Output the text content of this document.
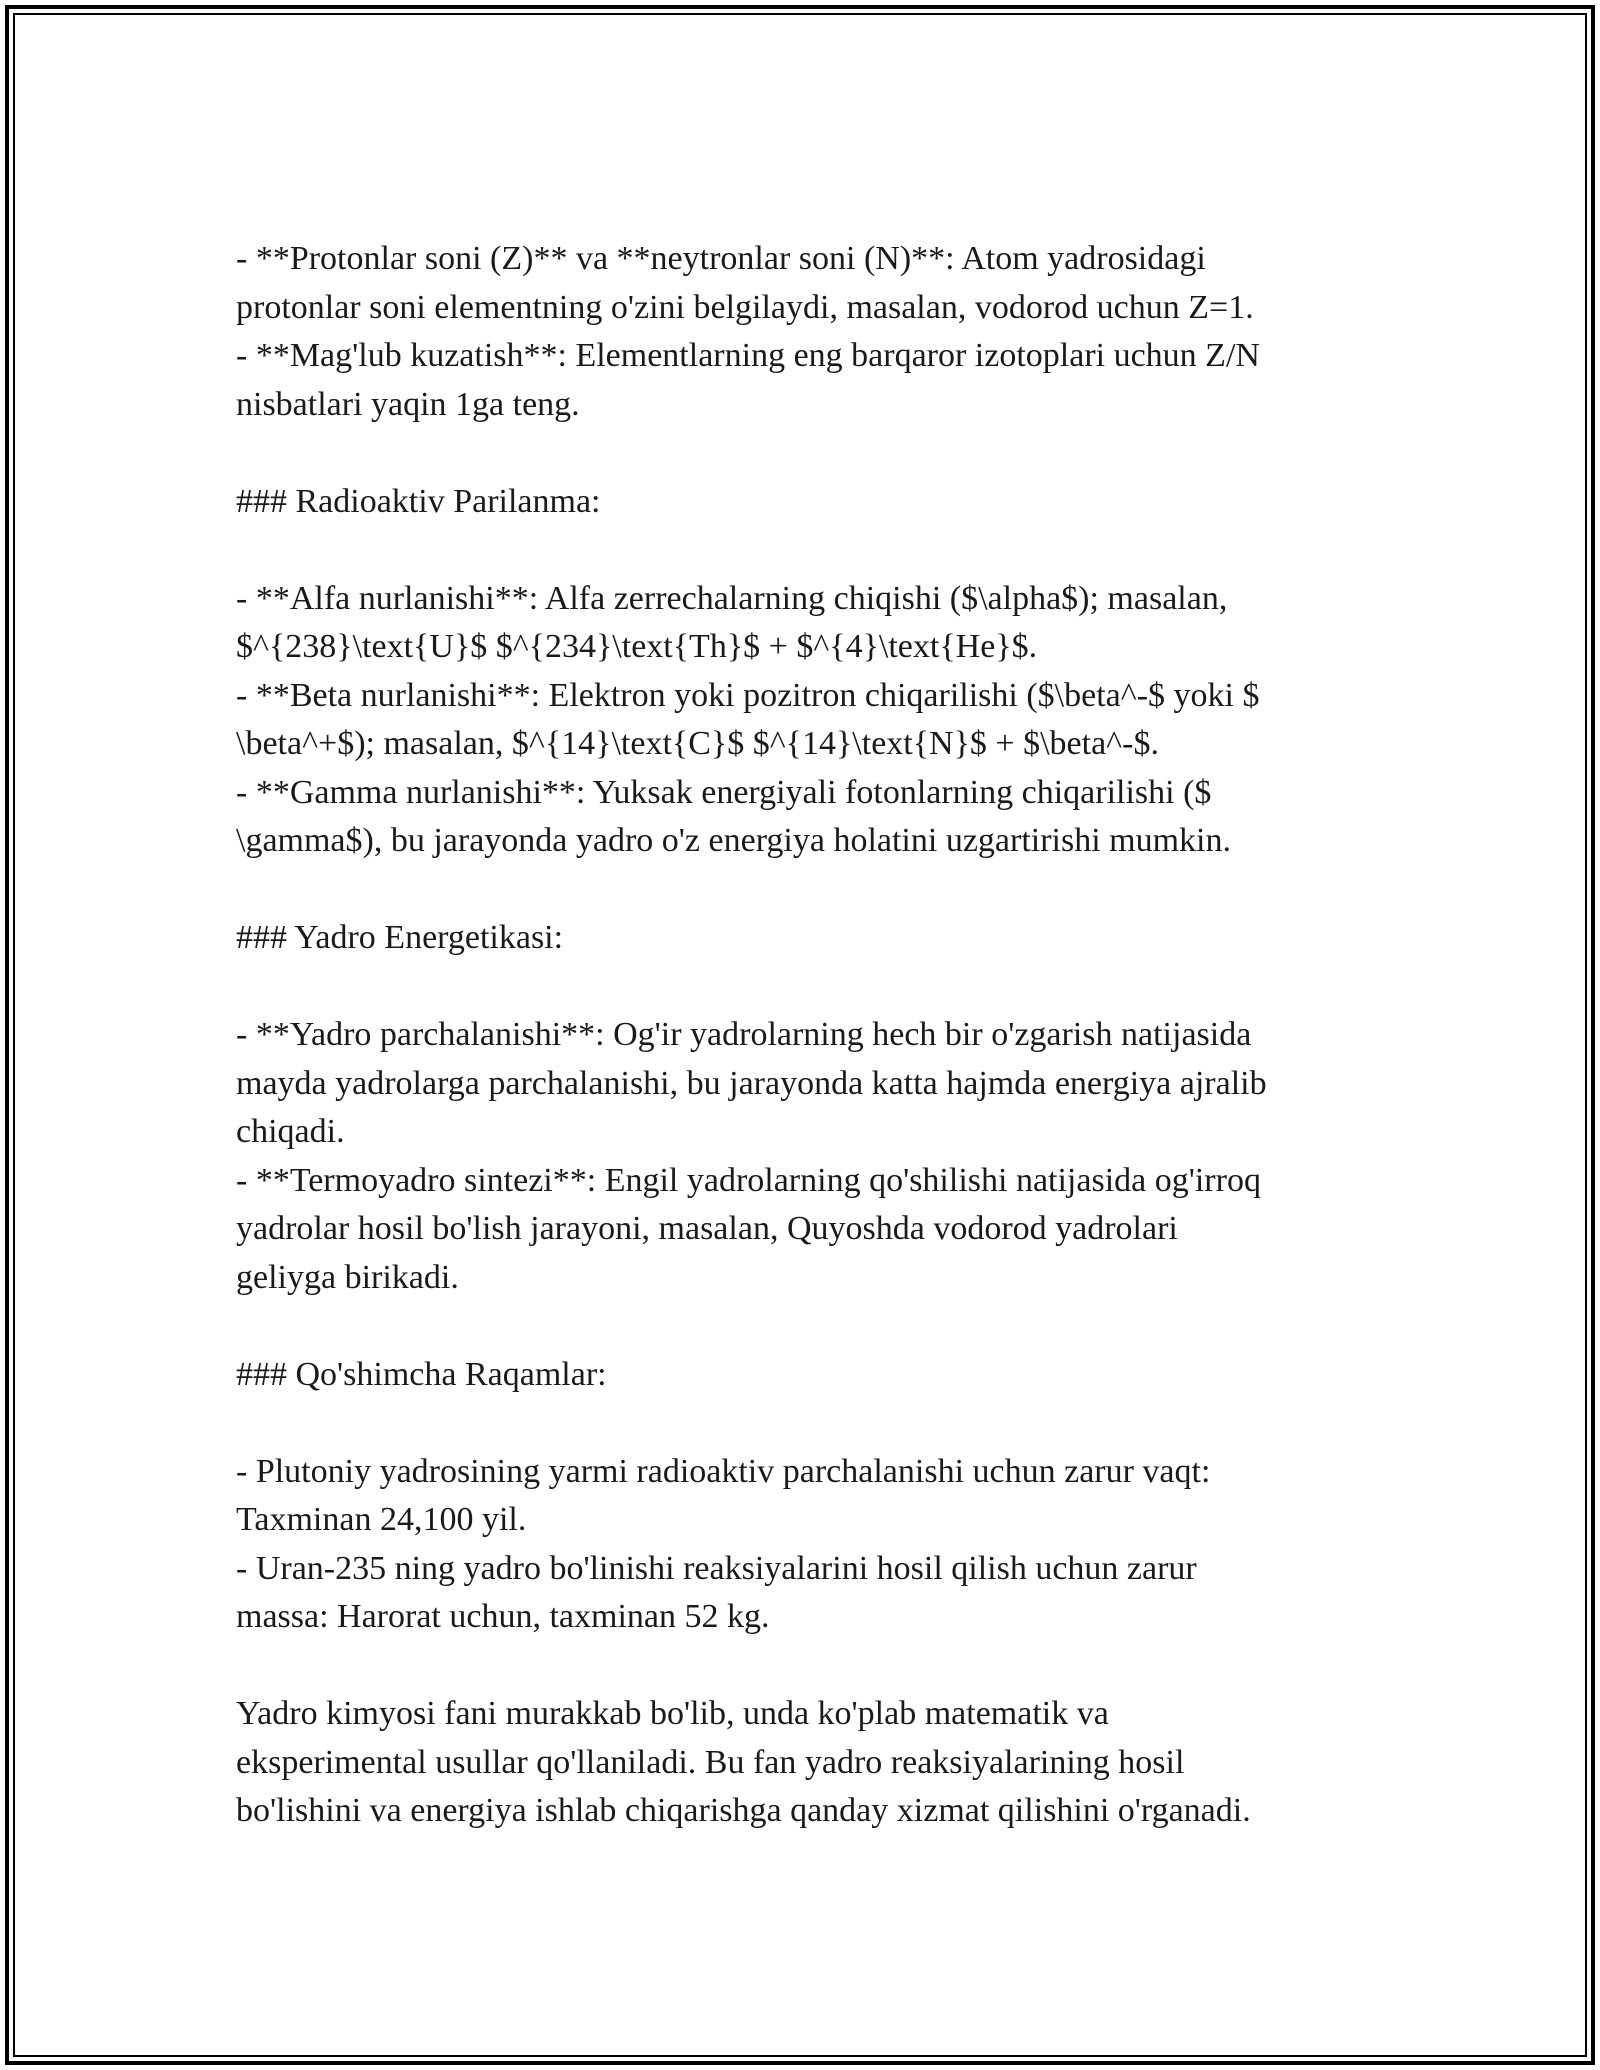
- **Protonlar soni (Z)** va **neytronlar soni (N)**: Atom yadrosidagi
protonlar soni elementning o'zini belgilaydi, masalan, vodorod uchun Z=1.
- **Mag'lub kuzatish**: Elementlarning eng barqaror izotoplari uchun Z/N
nisbatlari yaqin 1ga teng.
### Radioaktiv Parilanma:
- **Alfa nurlanishi**: Alfa zerrechalarning chiqishi ($\alpha$); masalan,
$^{238}\text{U}$ $^{234}\text{Th}$ + $^{4}\text{He}$.
- **Beta nurlanishi**: Elektron yoki pozitron chiqarilishi ($\beta^-$ yoki $
\beta^+$); masalan, $^{14}\text{C}$ $^{14}\text{N}$ + $\beta^-$.
- **Gamma nurlanishi**: Yuksak energiyali fotonlarning chiqarilishi ($
\gamma$), bu jarayonda yadro o'z energiya holatini uzgartirishi mumkin.
### Yadro Energetikasi:
- **Yadro parchalanishi**: Og'ir yadrolarning hech bir o'zgarish natijasida
mayda yadrolarga parchalanishi, bu jarayonda katta hajmda energiya ajralib
chiqadi.
- **Termoyadro sintezi**: Engil yadrolarning qo'shilishi natijasida og'irroq
yadrolar hosil bo'lish jarayoni, masalan, Quyoshda vodorod yadrolari
geliyga birikadi.
### Qo'shimcha Raqamlar:
- Plutoniy yadrosining yarmi radioaktiv parchalanishi uchun zarur vaqt:
Taxminan 24,100 yil.
- Uran-235 ning yadro bo'linishi reaksiyalarini hosil qilish uchun zarur
massa: Harorat uchun, taxminan 52 kg.
Yadro kimyosi fani murakkab bo'lib, unda ko'plab matematik va
eksperimental usullar qo'llaniladi. Bu fan yadro reaksiyalarining hosil
bo'lishini va energiya ishlab chiqarishga qanday xizmat qilishini o'rganadi.
